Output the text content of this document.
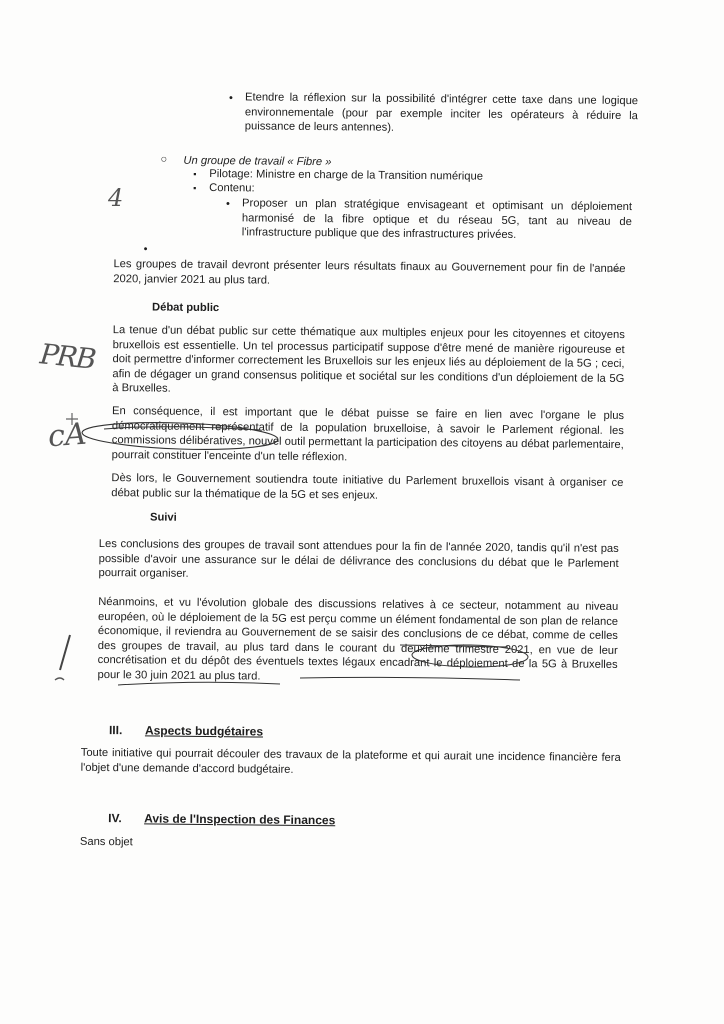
• Etendre la réflexion sur la possibilité d'intégrer cette taxe dans une logique environnementale (pour par exemple inciter les opérateurs à réduire la puissance de leurs antennes).

○ Un groupe de travail « Fibre »

▪ Pilotage: Ministre en charge de la Transition numérique

▪ Contenu:

• Proposer un plan stratégique envisageant et optimisant un déploiement harmonisé de la fibre optique et du réseau 5G, tant au niveau de l'infrastructure publique que des infrastructures privées.

•

Les groupes de travail devront présenter leurs résultats finaux au Gouvernement pour fin de l'année 2020, janvier 2021 au plus tard.

Débat public

La tenue d'un débat public sur cette thématique aux multiples enjeux pour les citoyennes et citoyens bruxellois est essentielle. Un tel processus participatif suppose d'être mené de manière rigoureuse et doit permettre d'informer correctement les Bruxellois sur les enjeux liés au déploiement de la 5G ; ceci, afin de dégager un grand consensus politique et sociétal sur les conditions d'un déploiement de la 5G à Bruxelles.

En conséquence, il est important que le débat puisse se faire en lien avec l'organe le plus démocratiquement représentatif de la population bruxelloise, à savoir le Parlement régional. les commissions délibératives, nouvel outil permettant la participation des citoyens au débat parlementaire, pourrait constituer l'enceinte d'un telle réflexion.

Dès lors, le Gouvernement soutiendra toute initiative du Parlement bruxellois visant à organiser ce débat public sur la thématique de la 5G et ses enjeux.

Suivi

Les conclusions des groupes de travail sont attendues pour la fin de l'année 2020, tandis qu'il n'est pas possible d'avoir une assurance sur le délai de délivrance des conclusions du débat que le Parlement pourrait organiser.

Néanmoins, et vu l'évolution globale des discussions relatives à ce secteur, notamment au niveau européen, où le déploiement de la 5G est perçu comme un élément fondamental de son plan de relance économique, il reviendra au Gouvernement de se saisir des conclusions de ce débat, comme de celles des groupes de travail, au plus tard dans le courant du deuxième trimestre 2021, en vue de leur concrétisation et du dépôt des éventuels textes légaux encadrant le déploiement de la 5G à Bruxelles pour le 30 juin 2021 au plus tard.

III. Aspects budgétaires

Toute initiative qui pourrait découler des travaux de la plateforme et qui aurait une incidence financière fera l'objet d'une demande d'accord budgétaire.

IV. Avis de l'Inspection des Finances

Sans objet

4
PRB
cA
